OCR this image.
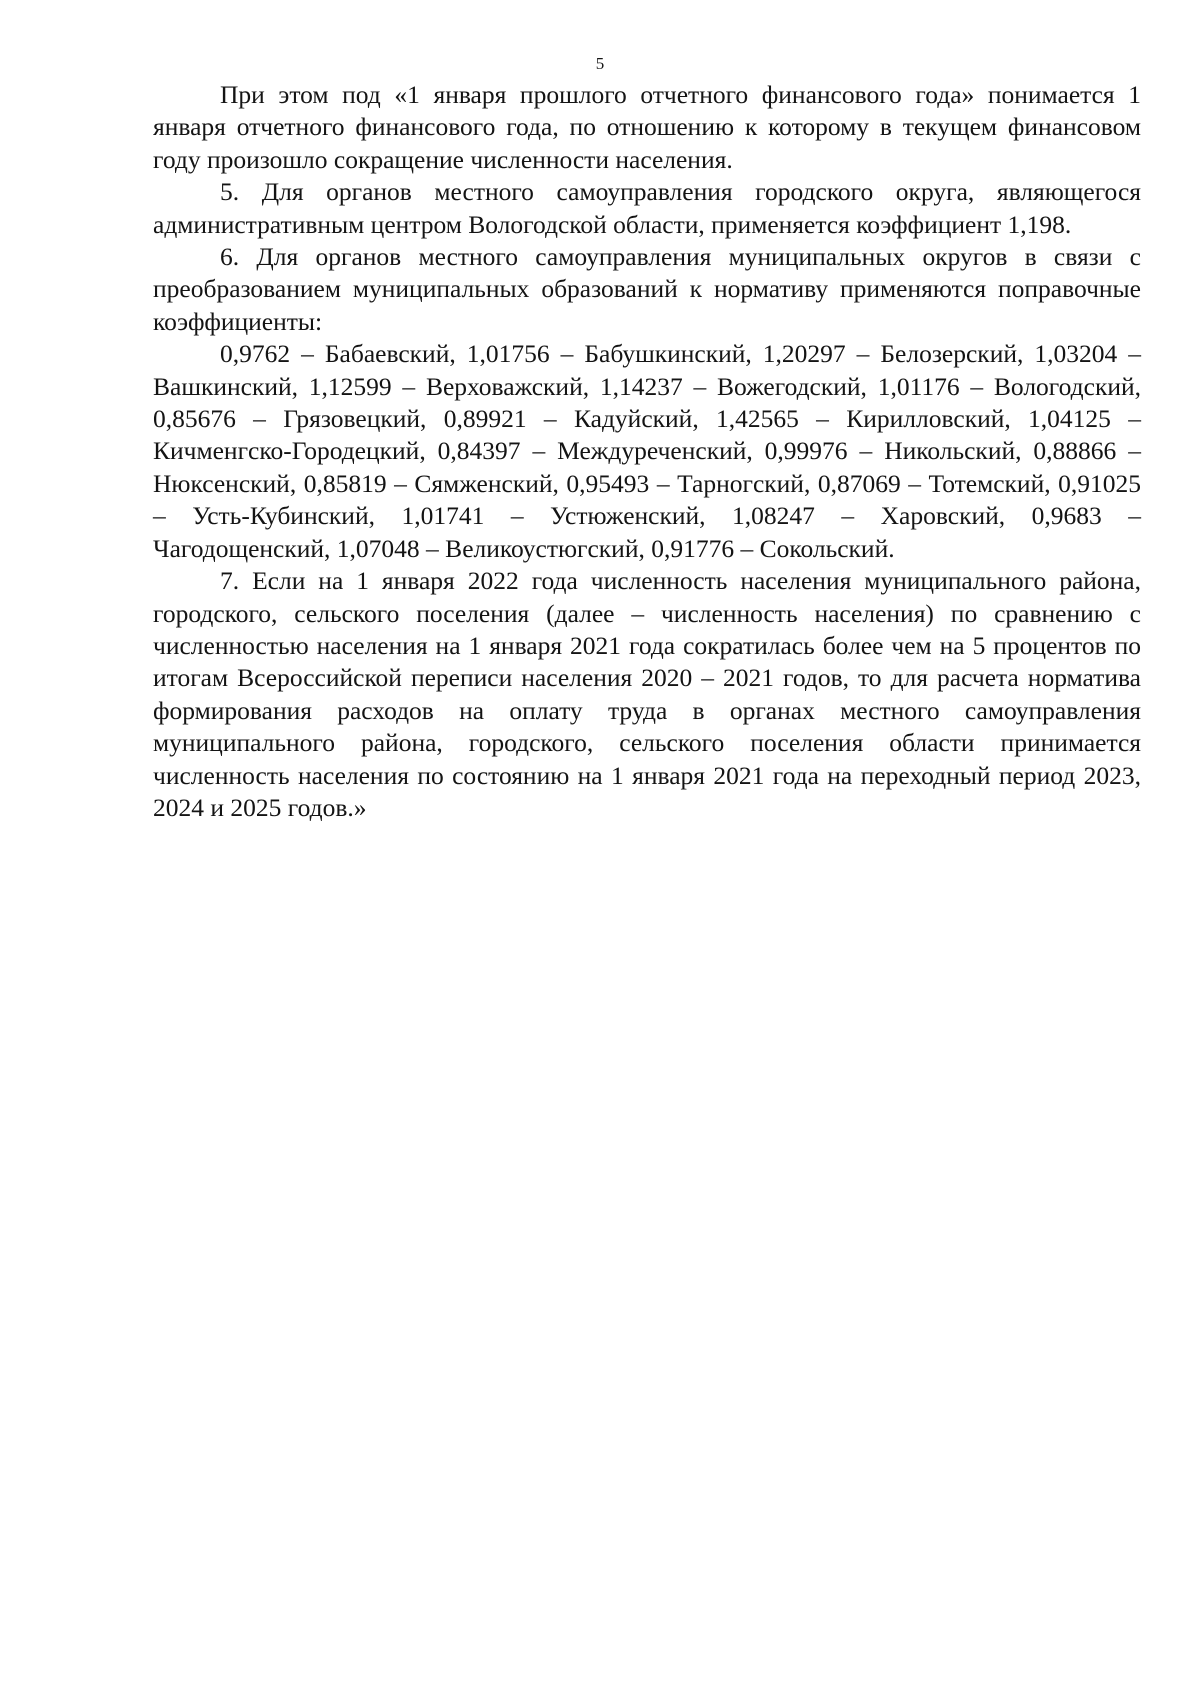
5

При этом под «1 января прошлого отчетного финансового года» понимается 1 января отчетного финансового года, по отношению к которому в текущем финансовом году произошло сокращение численности населения.

5. Для органов местного самоуправления городского округа, являющегося административным центром Вологодской области, применяется коэффициент 1,198.

6. Для органов местного самоуправления муниципальных округов в связи с преобразованием муниципальных образований к нормативу применяются поправочные коэффициенты:

0,9762 – Бабаевский, 1,01756 – Бабушкинский, 1,20297 – Белозерский, 1,03204 – Вашкинский, 1,12599 – Верховажский, 1,14237 – Вожегодский, 1,01176 – Вологодский, 0,85676 – Грязовецкий, 0,89921 – Кадуйский, 1,42565 – Кирилловский, 1,04125 – Кичменгско-Городецкий, 0,84397 – Междуреченский, 0,99976 – Никольский, 0,88866 – Нюксенский, 0,85819 – Сямженский, 0,95493 – Тарногский, 0,87069 – Тотемский, 0,91025 – Усть-Кубинский, 1,01741 – Устюженский, 1,08247 – Харовский, 0,9683 – Чагодощенский, 1,07048 – Великоустюгский, 0,91776 – Сокольский.

7. Если на 1 января 2022 года численность населения муниципального района, городского, сельского поселения (далее – численность населения) по сравнению с численностью населения на 1 января 2021 года сократилась более чем на 5 процентов по итогам Всероссийской переписи населения 2020 – 2021 годов, то для расчета норматива формирования расходов на оплату труда в органах местного самоуправления муниципального района, городского, сельского поселения области принимается численность населения по состоянию на 1 января 2021 года на переходный период 2023, 2024 и 2025 годов.»
